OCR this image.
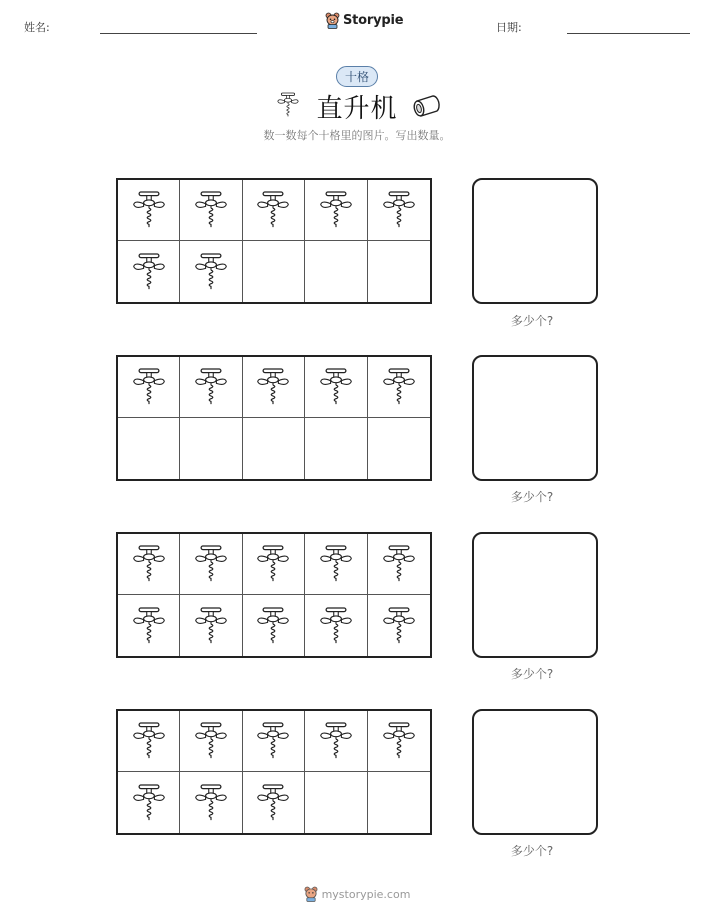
姓名:	Storypie	日期:
十格
直升机
数一数每个十格里的图片。写出数量。
多少个?
多少个?
多少个?
多少个?
mystorypie.com
